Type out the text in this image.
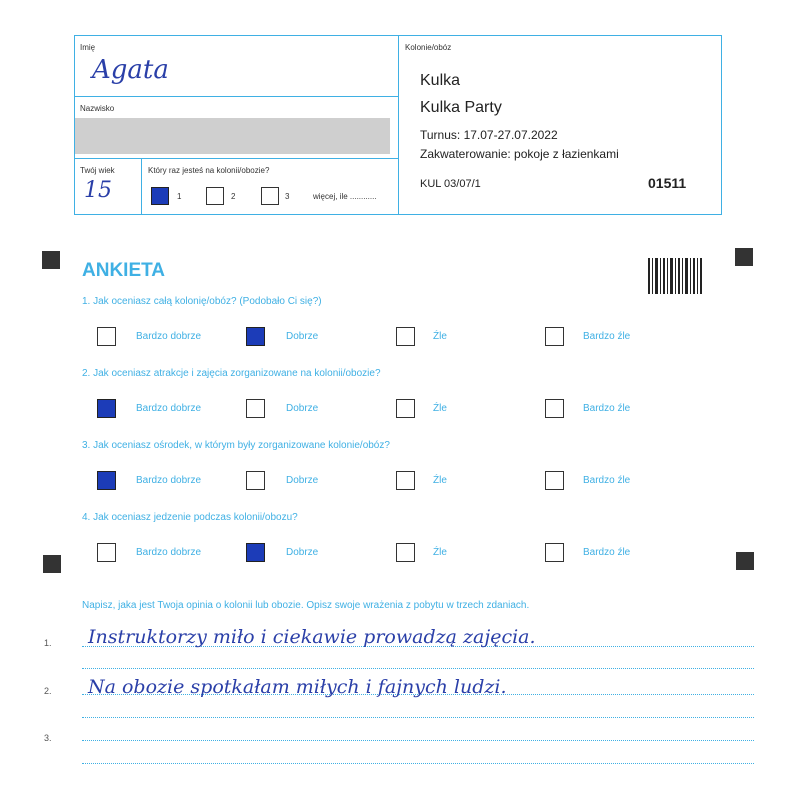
Imię
Agata
Nazwisko
Twój wiek
15
Który raz jesteś na kolonii/obozie?
1	2	3	więcej, ile ............
Kolonie/obóz
Kulka
Kulka Party
Turnus: 17.07-27.07.2022
Zakwaterowanie: pokoje z łazienkami
KUL 03/07/1	01511
ANKIETA
1. Jak oceniasz całą kolonię/obóz? (Podobało Ci się?)
Bardzo dobrze	Dobrze	Źle	Bardzo źle
2. Jak oceniasz atrakcje i zajęcia zorganizowane na kolonii/obozie?
Bardzo dobrze	Dobrze	Źle	Bardzo źle
3. Jak oceniasz ośrodek, w którym były zorganizowane kolonie/obóz?
Bardzo dobrze	Dobrze	Źle	Bardzo źle
4. Jak oceniasz jedzenie podczas kolonii/obozu?
Bardzo dobrze	Dobrze	Źle	Bardzo źle
Napisz, jaka jest Twoja opinia o kolonii lub obozie. Opisz swoje wrażenia z pobytu w trzech zdaniach.
1.
2.
3.
Instruktorzy miło i ciekawie prowadzą zajęcia.
Na obozie spotkałam miłych i fajnych ludzi.
